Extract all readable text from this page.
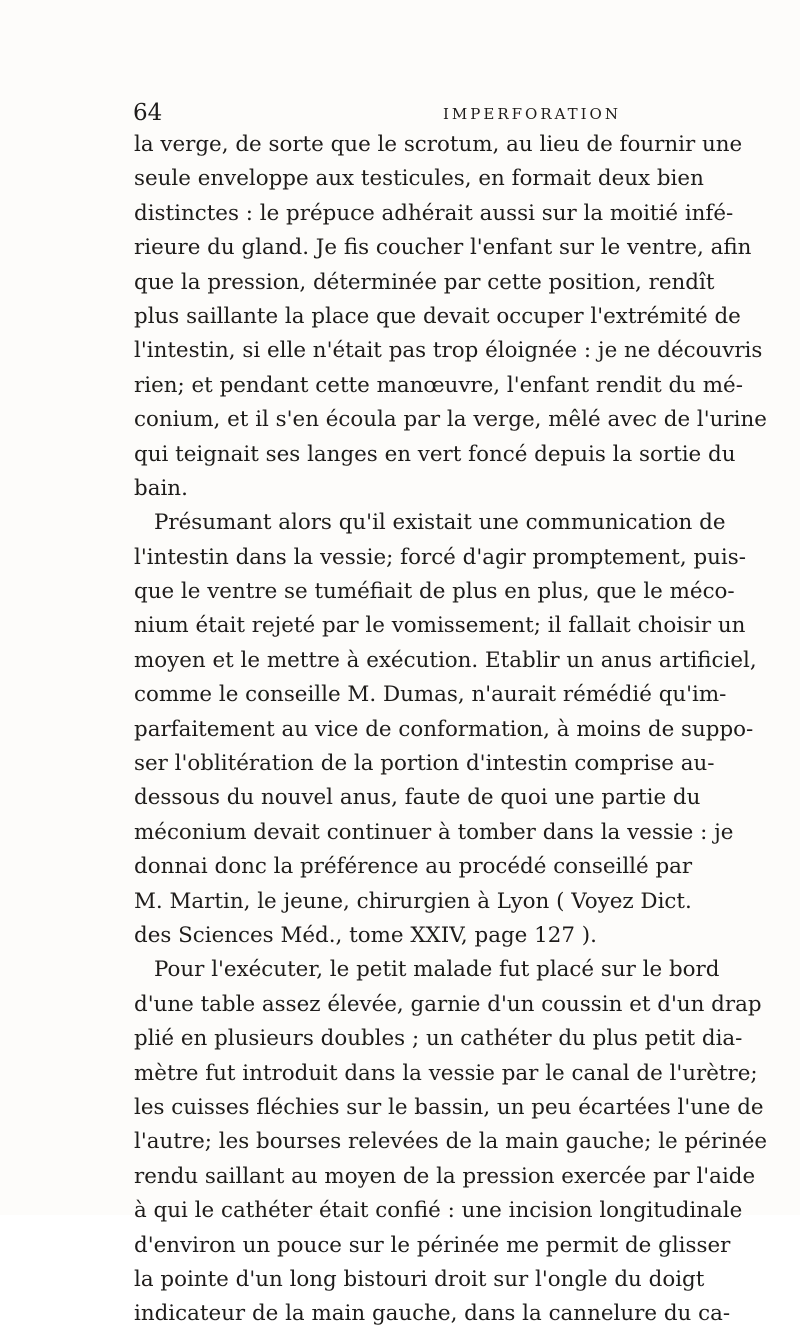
64	IMPERFORATION
la verge, de sorte que le scrotum, au lieu de fournir une
seule enveloppe aux testicules, en formait deux bien
distinctes : le prépuce adhérait aussi sur la moitié infé-
rieure du gland. Je fis coucher l'enfant sur le ventre, afin
que la pression, déterminée par cette position, rendît
plus saillante la place que devait occuper l'extrémité de
l'intestin, si elle n'était pas trop éloignée : je ne découvris
rien; et pendant cette manœuvre, l'enfant rendit du mé-
conium, et il s'en écoula par la verge, mêlé avec de l'urine
qui teignait ses langes en vert foncé depuis la sortie du
bain.
Présumant alors qu'il existait une communication de
l'intestin dans la vessie; forcé d'agir promptement, puis-
que le ventre se tuméfiait de plus en plus, que le méco-
nium était rejeté par le vomissement; il fallait choisir un
moyen et le mettre à exécution. Etablir un anus artificiel,
comme le conseille M. Dumas, n'aurait rémédié qu'im-
parfaitement au vice de conformation, à moins de suppo-
ser l'oblitération de la portion d'intestin comprise au-
dessous du nouvel anus, faute de quoi une partie du
méconium devait continuer à tomber dans la vessie : je
donnai donc la préférence au procédé conseillé par
M. Martin, le jeune, chirurgien à Lyon ( Voyez Dict.
des Sciences Méd., tome XXIV, page 127 ).
Pour l'exécuter, le petit malade fut placé sur le bord
d'une table assez élevée, garnie d'un coussin et d'un drap
plié en plusieurs doubles ; un cathéter du plus petit dia-
mètre fut introduit dans la vessie par le canal de l'urètre;
les cuisses fléchies sur le bassin, un peu écartées l'une de
l'autre; les bourses relevées de la main gauche; le périnée
rendu saillant au moyen de la pression exercée par l'aide
à qui le cathéter était confié : une incision longitudinale
d'environ un pouce sur le périnée me permit de glisser
la pointe d'un long bistouri droit sur l'ongle du doigt
indicateur de la main gauche, dans la cannelure du ca-
